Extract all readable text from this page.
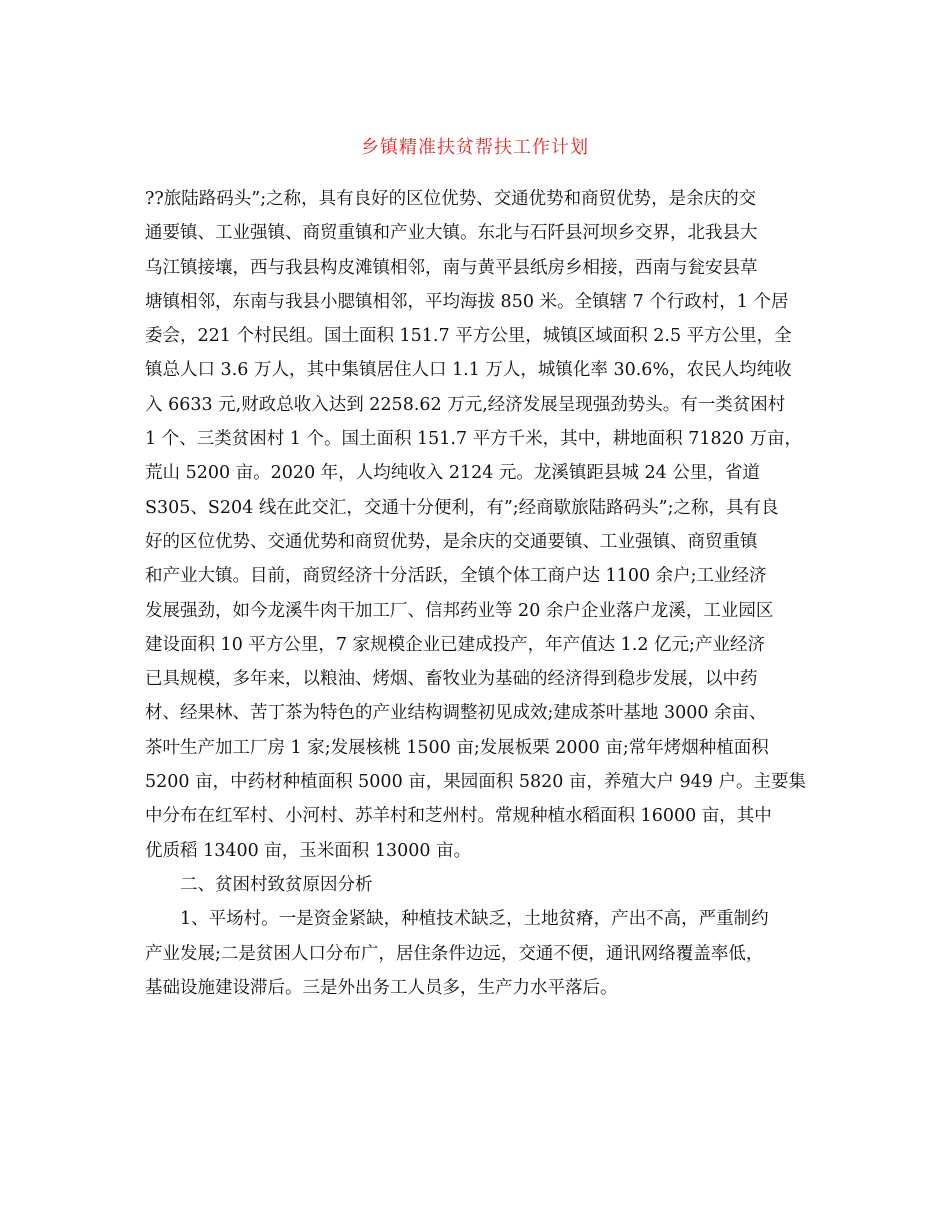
乡镇精准扶贫帮扶工作计划
??旅陆路码头”;之称，具有良好的区位优势、交通优势和商贸优势，是余庆的交
通要镇、工业强镇、商贸重镇和产业大镇。东北与石阡县河坝乡交界，北我县大
乌江镇接壤，西与我县构皮滩镇相邻，南与黄平县纸房乡相接，西南与瓮安县草
塘镇相邻，东南与我县小腮镇相邻，平均海拔 850 米。全镇辖 7 个行政村，1 个居
委会，221 个村民组。国土面积 151.7 平方公里，城镇区域面积 2.5 平方公里，全
镇总人口 3.6 万人，其中集镇居住人口 1.1 万人，城镇化率 30.6%，农民人均纯收
入 6633 元,财政总收入达到 2258.62 万元,经济发展呈现强劲势头。有一类贫困村
1 个、三类贫困村 1 个。国土面积 151.7 平方千米，其中，耕地面积 71820 万亩，
荒山 5200 亩。2020 年，人均纯收入 2124 元。龙溪镇距县城 24 公里，省道
S305、S204 线在此交汇，交通十分便利，有”;经商歇旅陆路码头”;之称，具有良
好的区位优势、交通优势和商贸优势，是余庆的交通要镇、工业强镇、商贸重镇
和产业大镇。目前，商贸经济十分活跃，全镇个体工商户达 1100 余户;工业经济
发展强劲，如今龙溪牛肉干加工厂、信邦药业等 20 余户企业落户龙溪，工业园区
建设面积 10 平方公里，7 家规模企业已建成投产，年产值达 1.2 亿元;产业经济
已具规模，多年来，以粮油、烤烟、畜牧业为基础的经济得到稳步发展，以中药
材、经果林、苦丁茶为特色的产业结构调整初见成效;建成茶叶基地 3000 余亩、
茶叶生产加工厂房 1 家;发展核桃 1500 亩;发展板栗 2000 亩;常年烤烟种植面积
5200 亩，中药材种植面积 5000 亩，果园面积 5820 亩，养殖大户 949 户。主要集
中分布在红军村、小河村、苏羊村和芝州村。常规种植水稻面积 16000 亩，其中
优质稻 13400 亩，玉米面积 13000 亩。
二、贫困村致贫原因分析
1、平场村。一是资金紧缺，种植技术缺乏，土地贫瘠，产出不高，严重制约
产业发展;二是贫困人口分布广，居住条件边远，交通不便，通讯网络覆盖率低，
基础设施建设滞后。三是外出务工人员多，生产力水平落后。
